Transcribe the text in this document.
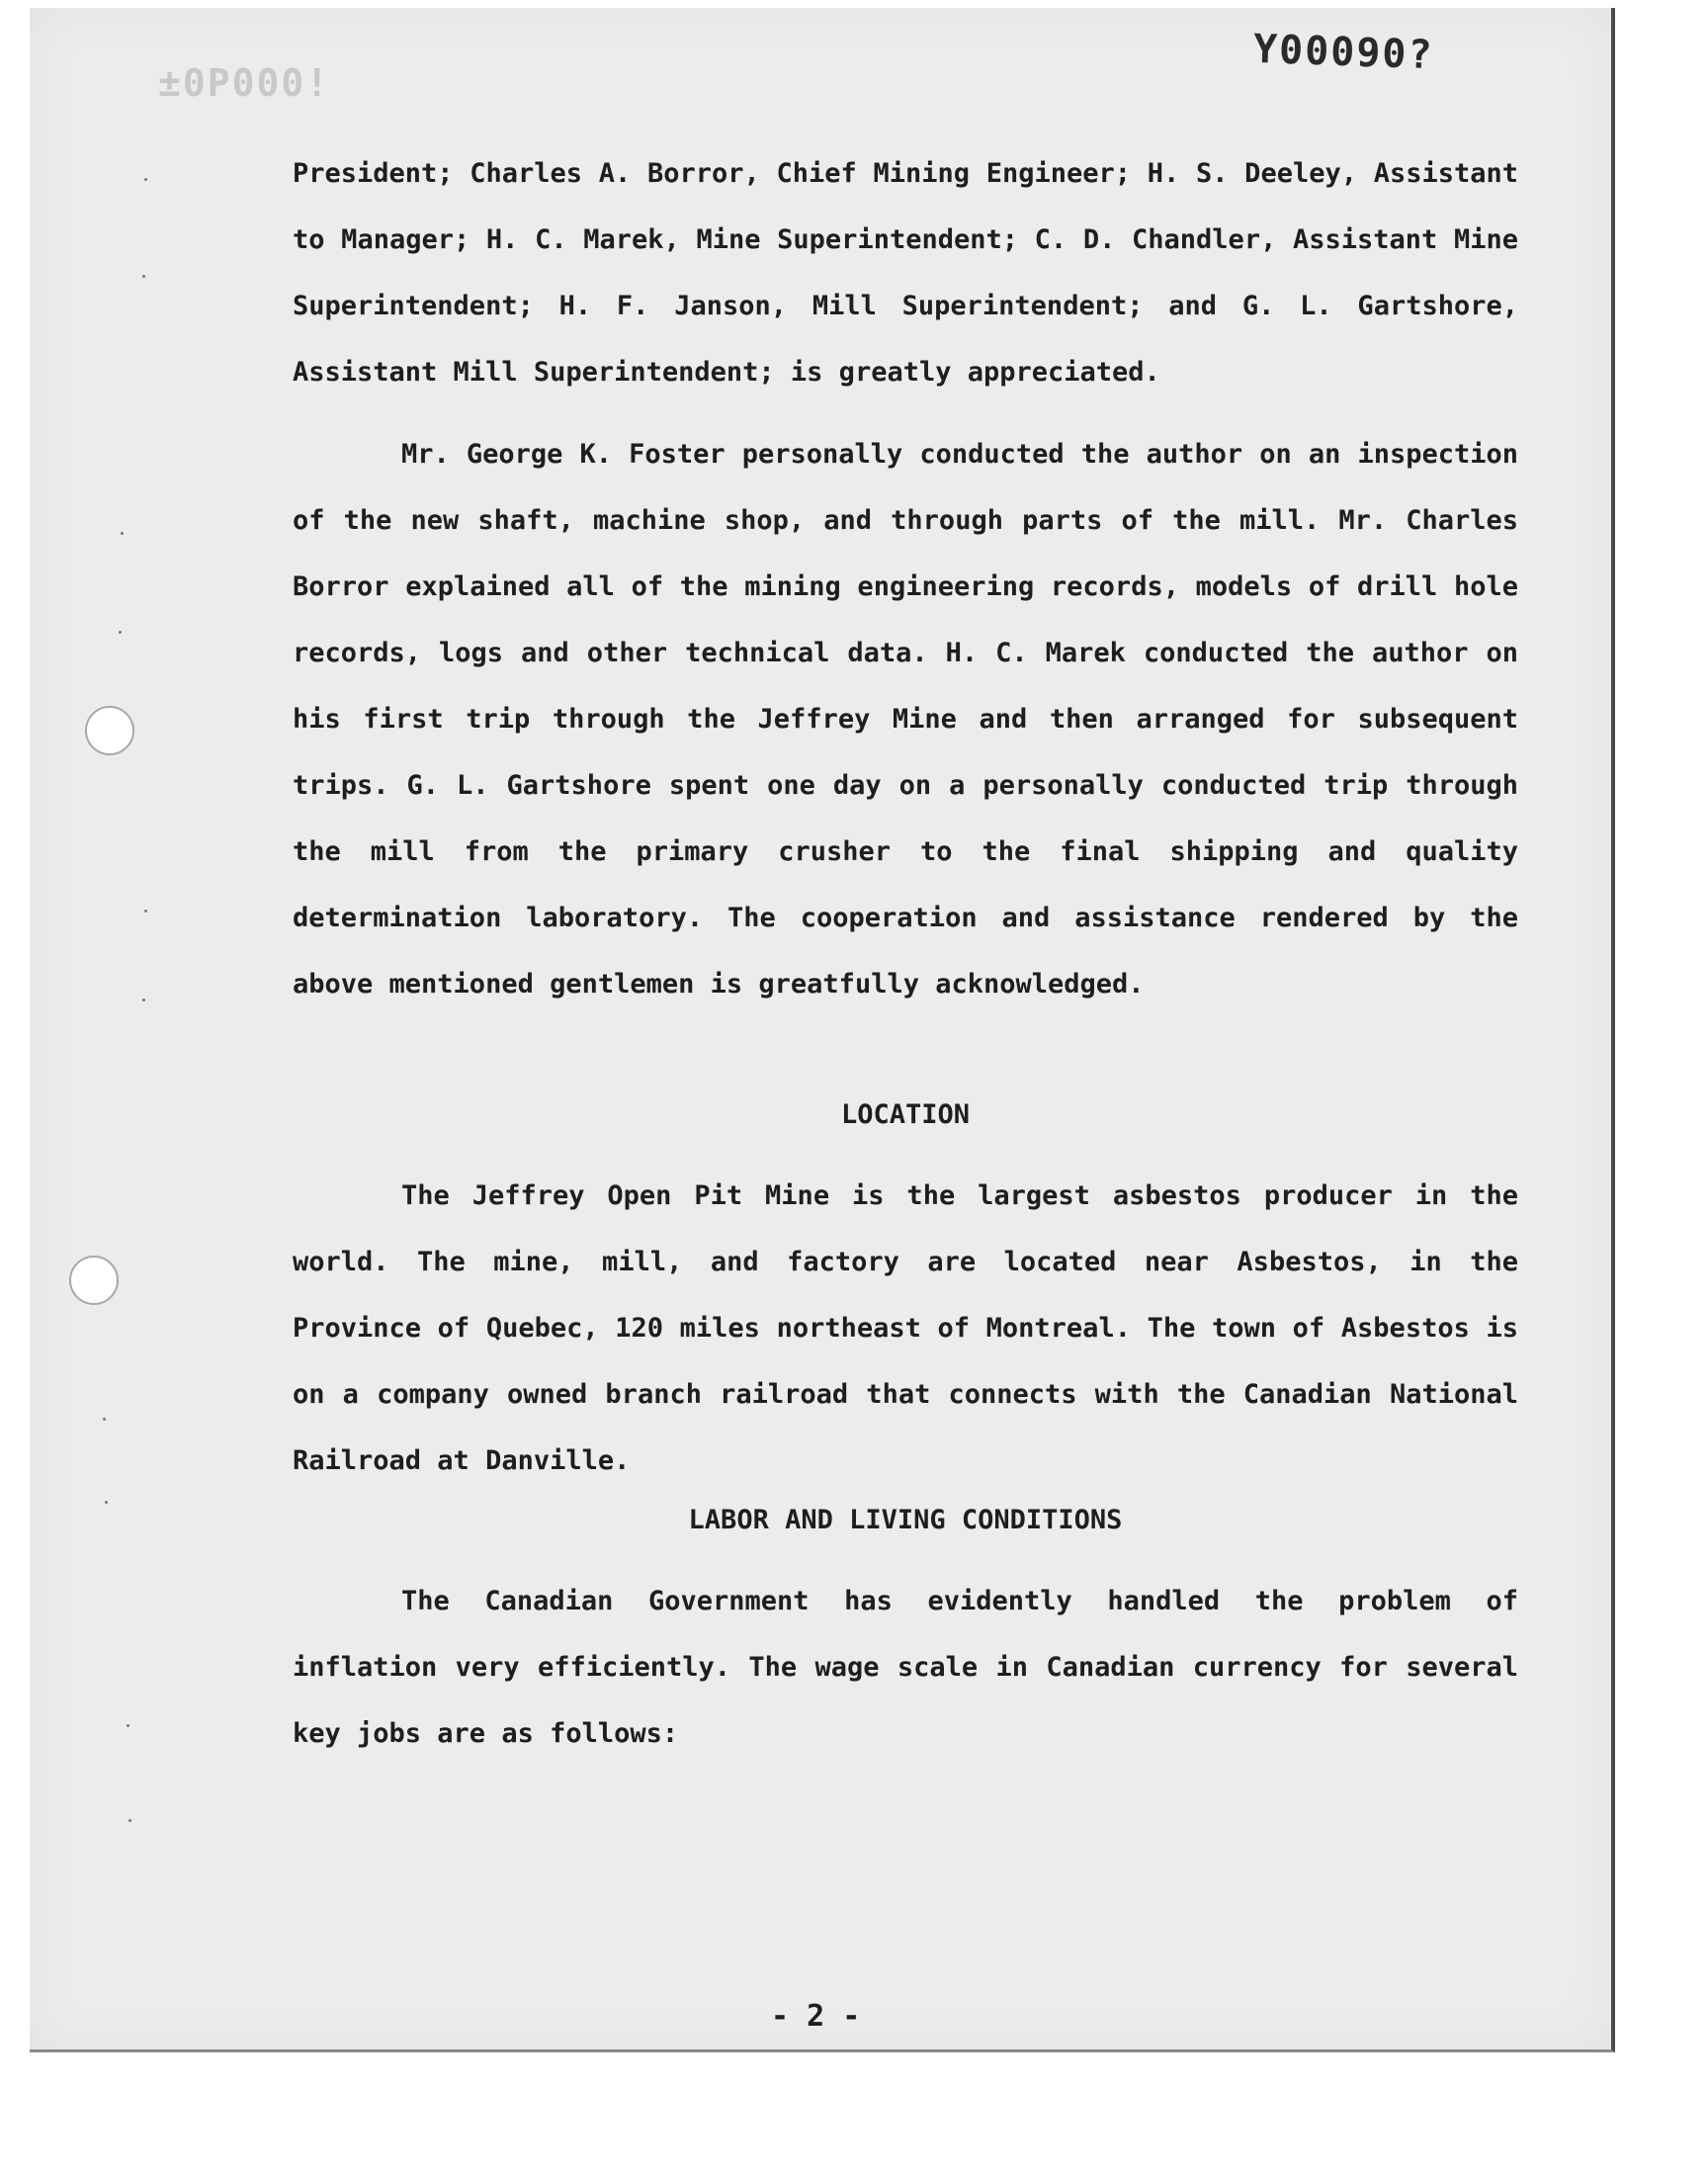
±0P000!
Y00090?

President; Charles A. Borror, Chief Mining Engineer; H. S. Deeley, Assistant to Manager; H. C. Marek, Mine Superintendent; C. D. Chandler, Assistant Mine Superintendent; H. F. Janson, Mill Superintendent; and G. L. Gartshore, Assistant Mill Superintendent; is greatly appreciated.

Mr. George K. Foster personally conducted the author on an inspection of the new shaft, machine shop, and through parts of the mill. Mr. Charles Borror explained all of the mining engineering records, models of drill hole records, logs and other technical data. H. C. Marek conducted the author on his first trip through the Jeffrey Mine and then arranged for subsequent trips. G. L. Gartshore spent one day on a personally conducted trip through the mill from the primary crusher to the final shipping and quality determination laboratory. The cooperation and assistance rendered by the above mentioned gentlemen is greatfully acknowledged.

LOCATION

The Jeffrey Open Pit Mine is the largest asbestos producer in the world. The mine, mill, and factory are located near Asbestos, in the Province of Quebec, 120 miles northeast of Montreal. The town of Asbestos is on a company owned branch railroad that connects with the Canadian National Railroad at Danville.

LABOR AND LIVING CONDITIONS

The Canadian Government has evidently handled the problem of inflation very efficiently. The wage scale in Canadian currency for several key jobs are as follows:

- 2 -
